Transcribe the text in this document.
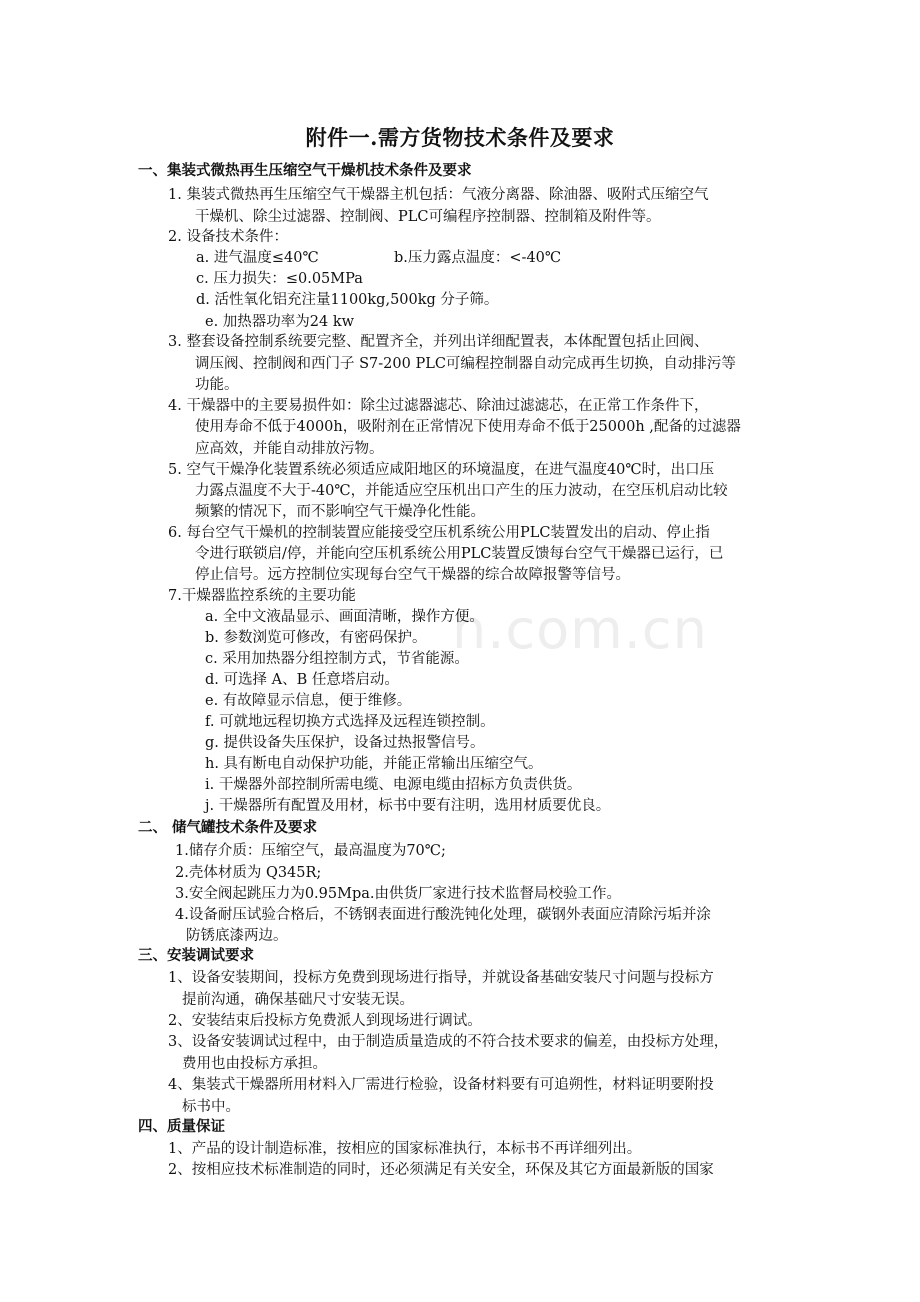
n.com.cn
附件一.需方货物技术条件及要求
一、集装式微热再生压缩空气干燥机技术条件及要求
1. 集装式微热再生压缩空气干燥器主机包括：气液分离器、除油器、吸附式压缩空气
干燥机、除尘过滤器、控制阀、PLC可编程序控制器、控制箱及附件等。
2. 设备技术条件：
a. 进气温度≤40℃	b.压力露点温度：<-40℃
c. 压力损失：≤0.05MPa
d. 活性氧化铝充注量1100kg,500kg 分子筛。
e. 加热器功率为24 kw
3. 整套设备控制系统要完整、配置齐全，并列出详细配置表，本体配置包括止回阀、
调压阀、控制阀和西门子 S7-200 PLC可编程控制器自动完成再生切换，自动排污等
功能。
4. 干燥器中的主要易损件如：除尘过滤器滤芯、除油过滤滤芯，在正常工作条件下，
使用寿命不低于4000h，吸附剂在正常情况下使用寿命不低于25000h ,配备的过滤器
应高效，并能自动排放污物。
5. 空气干燥净化装置系统必须适应咸阳地区的环境温度，在进气温度40℃时，出口压
力露点温度不大于-40℃，并能适应空压机出口产生的压力波动，在空压机启动比较
频繁的情况下，而不影响空气干燥净化性能。
6. 每台空气干燥机的控制装置应能接受空压机系统公用PLC装置发出的启动、停止指
令进行联锁启/停，并能向空压机系统公用PLC装置反馈每台空气干燥器已运行，已
停止信号。远方控制位实现每台空气干燥器的综合故障报警等信号。
7.干燥器监控系统的主要功能
a. 全中文液晶显示、画面清晰，操作方便。
b. 参数浏览可修改，有密码保护。
c. 采用加热器分组控制方式，节省能源。
d. 可选择 A、B 任意塔启动。
e. 有故障显示信息，便于维修。
f. 可就地远程切换方式选择及远程连锁控制。
g. 提供设备失压保护，设备过热报警信号。
h. 具有断电自动保护功能，并能正常输出压缩空气。
i. 干燥器外部控制所需电缆、电源电缆由招标方负责供货。
j. 干燥器所有配置及用材，标书中要有注明，选用材质要优良。
二、 储气罐技术条件及要求
1.储存介质：压缩空气，最高温度为70℃;
2.壳体材质为 Q345R;
3.安全阀起跳压力为0.95Mpa.由供货厂家进行技术监督局校验工作。
4.设备耐压试验合格后，不锈钢表面进行酸洗钝化处理，碳钢外表面应清除污垢并涂
防锈底漆两边。
三、安装调试要求
1、设备安装期间，投标方免费到现场进行指导，并就设备基础安装尺寸问题与投标方
提前沟通，确保基础尺寸安装无误。
2、安装结束后投标方免费派人到现场进行调试。
3、设备安装调试过程中，由于制造质量造成的不符合技术要求的偏差，由投标方处理，
费用也由投标方承担。
4、集装式干燥器所用材料入厂需进行检验，设备材料要有可追朔性，材料证明要附投
标书中。
四、质量保证
1、产品的设计制造标准，按相应的国家标准执行，本标书不再详细列出。
2、按相应技术标准制造的同时，还必须满足有关安全，环保及其它方面最新版的国家
